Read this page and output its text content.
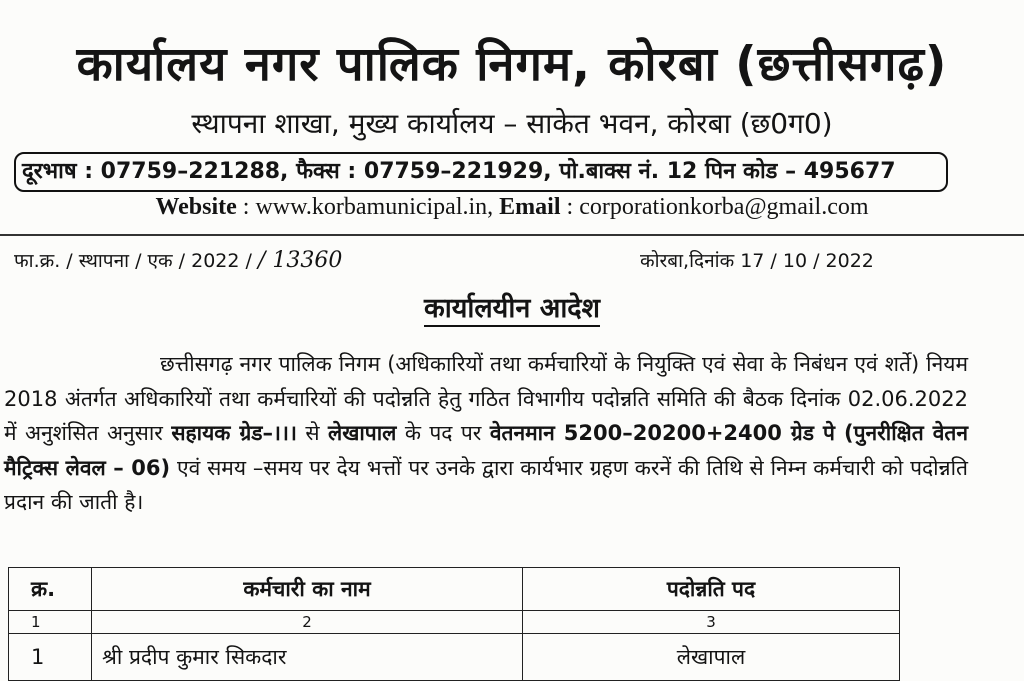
कार्यालय नगर पालिक निगम, कोरबा (छत्तीसगढ़)
स्थापना शाखा, मुख्य कार्यालय – साकेत भवन, कोरबा (छ0ग0)
दूरभाष : 07759–221288, फैक्स : 07759–221929, पो.बाक्स नं. 12 पिन कोड – 495677
Website : www.korbamunicipal.in, Email : corporationkorba@gmail.com
फा.क्र. / स्थापना / एक / 2022 / / 13360	कोरबा,दिनांक 17 / 10 / 2022
कार्यालयीन आदेश
छत्तीसगढ़ नगर पालिक निगम (अधिकारियों तथा कर्मचारियों के नियुक्ति एवं सेवा के निबंधन एवं शर्ते) नियम 2018 अंतर्गत अधिकारियों तथा कर्मचारियों की पदोन्नति हेतु गठित विभागीय पदोन्नति समिति की बैठक दिनांक 02.06.2022 में अनुशंसित अनुसार सहायक ग्रेड–।।। से लेखापाल के पद पर वेतनमान 5200–20200+2400 ग्रेड पे (पुनरीक्षित वेतन मैट्रिक्स लेवल – 06) एवं समय –समय पर देय भत्तों पर उनके द्वारा कार्यभार ग्रहण करनें की तिथि से निम्न कर्मचारी को पदोन्नति प्रदान की जाती है।
क्र.	कर्मचारी का नाम	पदोन्नति पद
1	2	3
1	श्री प्रदीप कुमार सिकदार	लेखापाल
